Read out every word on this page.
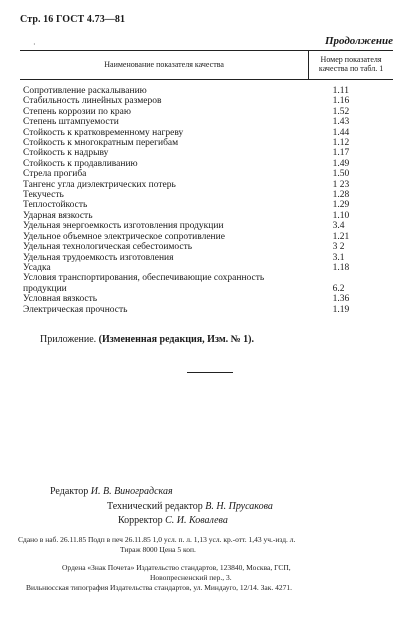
Стр. 16 ГОСТ 4.73—81
·	Продолжение
Наименование показателя качества	Номер показателя качества по табл. 1

Сопротивление раскалыванию	1.11
Стабильность линейных размеров	1.16
Степень коррозии по краю	1.52
Степень штампуемости	1.43
Стойкость к кратковременному нагреву	1.44
Стойкость к многократным перегибам	1.12
Стойкость к надрыву	1.17
Стойкость к продавливанию	1.49
Стрела прогиба	1.50
Тангенс угла диэлектрических потерь	1 23
Текучесть	1.28
Теплостойкость	1.29
Ударная вязкость	1.10
Удельная энергоемкость изготовления продукции	3.4
Удельное объемное электрическое сопротивление	1.21
Удельная технологическая себестоимость	3 2
Удельная трудоемкость изготовления	3.1
Усадка	1.18
Условия транспортирования, обеспечивающие сохранность продукции	6.2
Условная вязкость	1.36
Электрическая прочность	1.19
Приложение. (Измененная редакция, Изм. № 1).
Редактор И. В. Виноградская
Технический редактор В. Н. Прусакова
Корректор С. И. Ковалева
Сдано в наб. 26.11.85 Подп в печ 26.11.85 1,0 усл. п. л. 1,13 усл. кр.-отт. 1,43 уч.-изд. л.
Тираж 8000 Цена 5 коп.
Ордена «Знак Почета» Издательство стандартов, 123840, Москва, ГСП,
Новопресненский пер., 3.
Вильнюсская типография Издательства стандартов, ул. Миндауго, 12/14. Зак. 4271.
